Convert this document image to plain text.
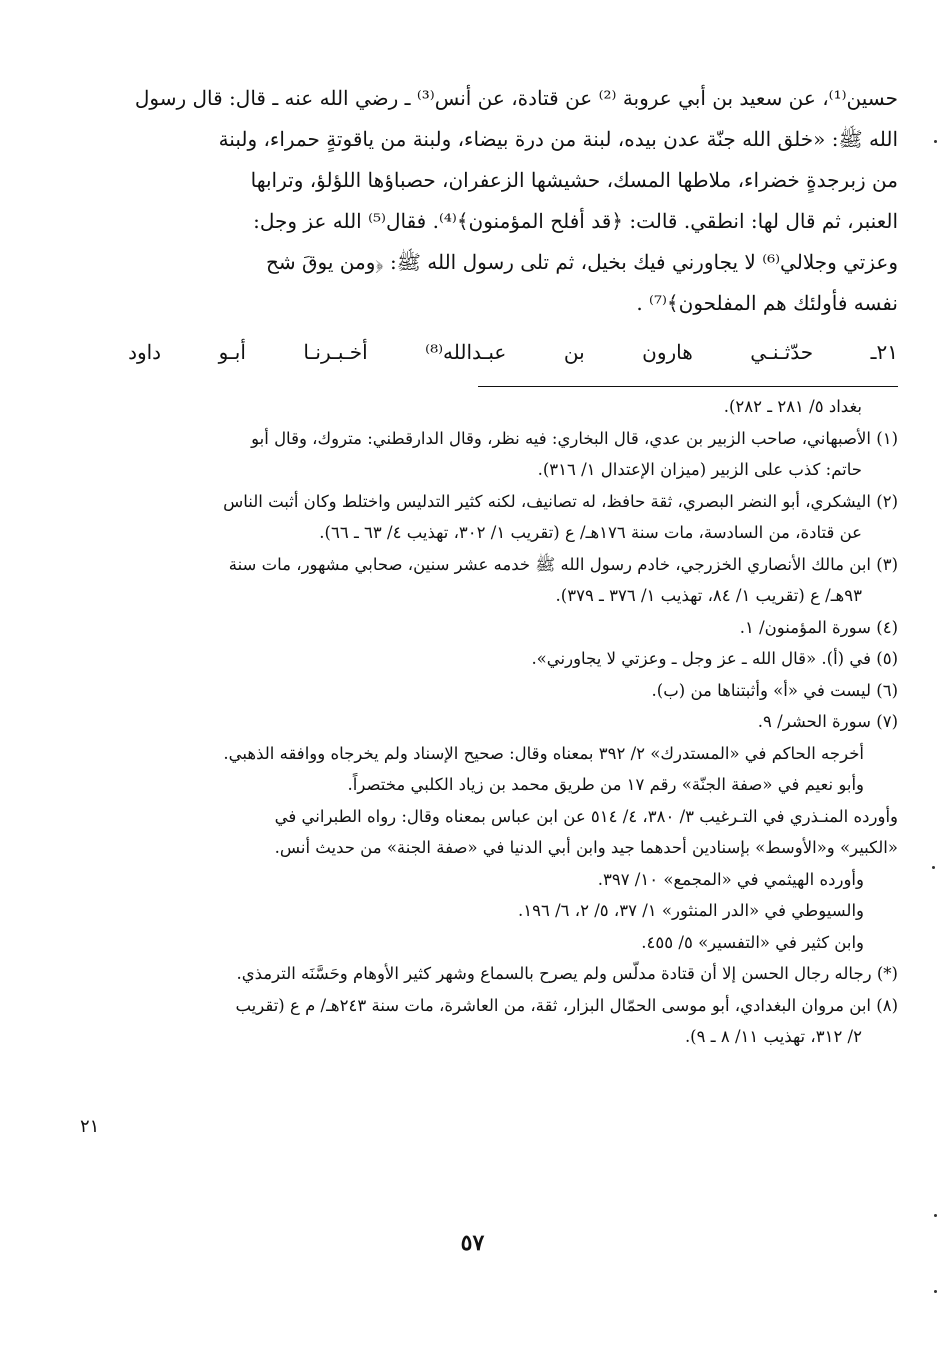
حسين⁽¹⁾، عن سعيد بن أبي عروبة ⁽²⁾ عن قتادة، عن أنس⁽³⁾ ـ رضي الله عنه ـ قال: قال رسول
الله ﷺ: «خلق الله جنّة عدن بيده، لبنة من درة بيضاء، ولبنة من ياقوتةٍ حمراء، ولبنة
من زبرجدةٍ خضراء، ملاطها المسك، حشيشها الزعفران، حصباؤها اللؤلؤ، وترابها
العنبر، ثم قال لها: انطقي. قالت: ﴿قد أفلح المؤمنون﴾⁽⁴⁾. فقال⁽⁵⁾ الله عز وجل:
وعزتي وجلالي⁽⁶⁾ لا يجاورني فيك بخيل، ثم تلى رسول الله ﷺ: ﴿ومن يوقَ شح
نفسه فأولئك هم المفلحون﴾⁽⁷⁾ .

٢١ـ
حدّثـنـي
هارون
بن
عبـدالله⁽⁸⁾
أخـبـرنـا
أبـو
داود
بغداد ٥/ ٢٨١ ـ ٢٨٢).
(١) الأصبهاني، صاحب الزبير بن عدي، قال البخاري: فيه نظر، وقال الدارقطني: متروك، وقال أبو
حاتم: كذب على الزبير (ميزان الإعتدال ١/ ٣١٦).
(٢) اليشكري، أبو النضر البصري، ثقة حافظ، له تصانيف، لكنه كثير التدليس واختلط وكان أثبت الناس
عن قتادة، من السادسة، مات سنة ١٧٦هـ/ ع (تقريب ١/ ٣٠٢، تهذيب ٤/ ٦٣ ـ ٦٦).
(٣) ابن مالك الأنصاري الخزرجي، خادم رسول الله ﷺ خدمه عشر سنين، صحابي مشهور، مات سنة
٩٣هـ/ ع (تقريب ١/ ٨٤، تهذيب ١/ ٣٧٦ ـ ٣٧٩).
(٤) سورة المؤمنون/ ١.
(٥) في (أ). «قال الله ـ عز وجل ـ وعزتي لا يجاورني».
(٦) ليست في «أ» وأثبتناها من (ب).
(٧) سورة الحشر/ ٩.
أخرجه الحاكم في «المستدرك» ٢/ ٣٩٢ بمعناه وقال: صحيح الإسناد ولم يخرجاه ووافقه الذهبي.
وأبو نعيم في «صفة الجنّة» رقم ١٧ من طريق محمد بن زياد الكلبي مختصراً.
وأورده المنـذري في التـرغيب ٣/ ٣٨٠، ٤/ ٥١٤ عن ابن عباس بمعناه وقال: رواه الطبراني في
«الكبير» و«الأوسط» بإسنادين أحدهما جيد وابن أبي الدنيا في «صفة الجنة» من حديث أنس.
وأورده الهيثمي في «المجمع» ١٠/ ٣٩٧.
والسيوطي في «الدر المنثور» ١/ ٣٧، ٥/ ٢، ٦/ ١٩٦.
وابن كثير في «التفسير» ٥/ ٤٥٥.
(*) رجاله رجال الحسن إلا أن قتادة مدلّس ولم يصرح بالسماع وشهر كثير الأوهام وحَسَّنَه الترمذي.
(٨) ابن مروان البغدادي، أبو موسى الحمّال البزار، ثقة، من العاشرة، مات سنة ٢٤٣هـ/ م ع (تقريب
٢/ ٣١٢، تهذيب ١١/ ٨ ـ ٩).
٢١
٥٧
